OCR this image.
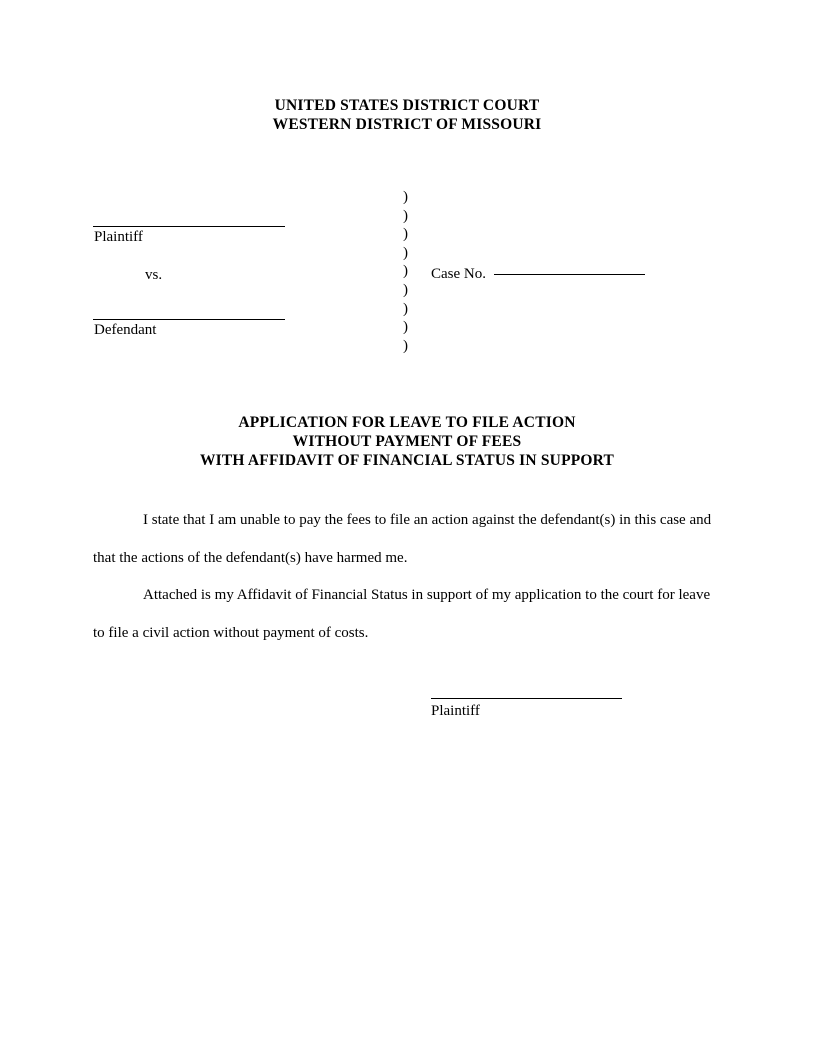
UNITED STATES DISTRICT COURT
WESTERN DISTRICT OF MISSOURI
Plaintiff
vs.
Defendant
)
)
)
)
)
)
)
)
)
Case No.
APPLICATION FOR LEAVE TO FILE ACTION
WITHOUT PAYMENT OF FEES
WITH AFFIDAVIT OF FINANCIAL STATUS IN SUPPORT

I state that I am unable to pay the fees to file an action against the defendant(s) in this case and that the actions of the defendant(s) have harmed me.

Attached is my Affidavit of Financial Status in support of my application to the court for leave to file a civil action without payment of costs.

Plaintiff
